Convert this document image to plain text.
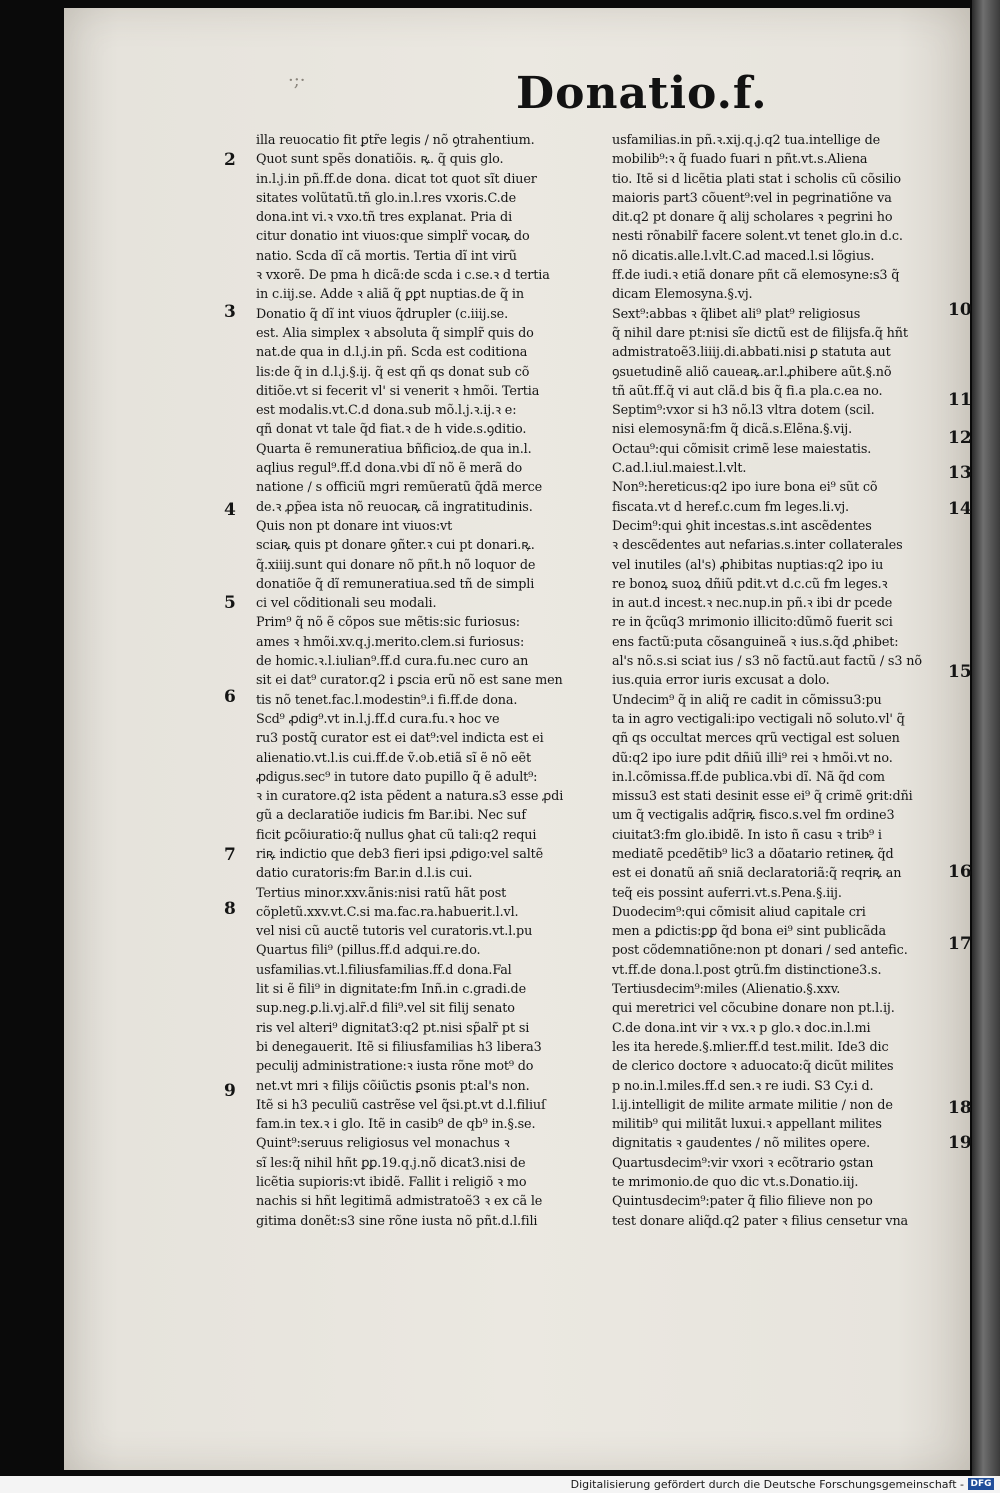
·;·	Donatio.f.
illa reuocatio fit ꝑtr̃e legis / nõ ꝯtrahentium.
Quot sunt spẽs donatiõis. ꝶ. q̃ quis glo.
in.l.j.in pñ.ff.de dona. dicat tot quot sĩt diuer
sitates volũtatũ.tñ glo.in.l.res vxoris.C.de
dona.int vi.ꝛ vxo.tñ tres explanat. Pria di
citur donatio int viuos:que simplr̃ vocaꝶ do
natio. Scda dĩ cã mortis. Tertia dĩ int virũ
ꝛ vxorẽ. De pma h dicã:de scda i c.se.ꝛ d tertia
in c.iij.se. Adde ꝛ aliã q̃ ꝑꝑt nuptias.de q̃ in
Donatio q̃ dĩ int viuos q̃drupler (c.iiij.se.
est. Alia simplex ꝛ absoluta q̃ simplr̃ quis do
nat.de qua in d.l.j.in pñ. Scda est coditiona
lis:de q̃ in d.l.j.§.ij. q̃ est qñ qs donat sub cõ
ditiõe.vt si fecerit vl' si venerit ꝛ hmõi. Tertia
est modalis.vt.C.d dona.sub mõ.l.j.ꝛ.ij.ꝛ e:
qñ donat vt tale q̃d fiat.ꝛ de h vide.s.ꝯditio.
Quarta ẽ remuneratiua bñficioꝝ.de qua in.l.
aqlius regul⁹.ff.d dona.vbi dĩ nõ ẽ merã do
natione / s officiũ mgri remũeratũ q̃dã merce
de.ꝛ ꝓp̃ea ista nõ reuocaꝶ cã ingratitudinis.
Quis non pt donare int viuos:vt
sciaꝶ quis pt donare ꝯñter.ꝛ cui pt donari.ꝶ.
q̃.xiiij.sunt qui donare nõ pñt.h nõ loquor de
donatiõe q̃ dĩ remuneratiua.sed tñ de simpli
ci vel cõditionali seu modali.
Prim⁹ q̃ nõ ẽ cõpos sue mẽtis:sic furiosus:
ames ꝛ hmõi.xv.q.j.merito.clem.si furiosus:
de homic.ꝛ.l.iulian⁹.ff.d cura.fu.nec curo an
sit ei dat⁹ curator.q2 i ꝑscia erũ nõ est sane men
tis nõ tenet.fac.l.modestin⁹.i fi.ff.de dona.
Scd⁹ ꝓdig⁹.vt in.l.j.ff.d cura.fu.ꝛ hoc ve
ru3 postq̃ curator est ei dat⁹:vel indicta est ei
alienatio.vt.l.is cui.ff.de ṽ.ob.etiã sĩ ẽ nõ eẽt
ꝓdigus.sec⁹ in tutore dato pupillo q̃ ẽ adult⁹:
ꝛ in curatore.q2 ista pẽdent a natura.s3 esse ꝓdi
gũ a declaratiõe iudicis fm Bar.ibi. Nec suf
ficit ꝑcõiuratio:q̃ nullus ꝯhat cũ tali:q2 requi
riꝶ indictio que deb3 fieri ipsi ꝓdigo:vel saltẽ
datio curatoris:fm Bar.in d.l.is cui.
Tertius minor.xxv.ãnis:nisi ratũ hãt post
cõpletũ.xxv.vt.C.si ma.fac.ra.habuerit.l.vl.
vel nisi cũ auctẽ tutoris vel curatoris.vt.l.pu
Quartus fili⁹ (pillus.ff.d adqui.re.do.
usfamilias.vt.l.filiusfamilias.ff.d dona.Fal
lit si ẽ fili⁹ in dignitate:fm Inñ.in c.gradi.de
sup.neg.ꝑ.li.vj.alr̃.d fili⁹.vel sit filij senato
ris vel alteri⁹ dignitat3:q2 pt.nisi sp̃alr̃ pt si
bi denegauerit. Itẽ si filiusfamilias h3 libera3
peculij administratione:ꝛ iusta rõne mot⁹ do
net.vt mri ꝛ filijs cõiũctis ꝑsonis pt:al's non.
Itẽ si h3 peculiũ castrẽse vel q̃si.pt.vt d.l.filiuſ
fam.in tex.ꝛ i glo. Itẽ in casib⁹ de qb⁹ in.§.se.
Quint⁹:seruus religiosus vel monachus ꝛ
sĩ les:q̃ nihil hñt ꝑꝑ.19.q.j.nõ dicat3.nisi de
licẽtia supioris:vt ibidẽ. Fallit i religiõ ꝛ mo
nachis si hñt legitimã admistratoẽ3 ꝛ ex cã le
gitima donẽt:s3 sine rõne iusta nõ pñt.d.l.fili
usfamilias.in pñ.ꝛ.xij.q.j.q2 tua.intellige de
mobilib⁹:ꝛ q̃ fuado fuari n pñt.vt.s.Aliena
tio. Itẽ si d licẽtia plati stat i scholis cũ cõsilio
maioris part3 cõuent⁹:vel in pegrinatiõne va
dit.q2 pt donare q̃ alij scholares ꝛ pegrini ho
nesti rõnabilr̃ facere solent.vt tenet glo.in d.c.
nõ dicatis.alle.l.vlt.C.ad maced.l.si lõgius.
ff.de iudi.ꝛ etiã donare pñt cã elemosyne:s3 q̃
dicam Elemosyna.§.vj.
Sext⁹:abbas ꝛ q̃libet ali⁹ plat⁹ religiosus
q̃ nihil dare pt:nisi sĩe dictũ est de filijsfa.q̃ hñt
admistratoẽ3.liiij.di.abbati.nisi ꝑ statuta aut
ꝯsuetudinẽ aliõ caueaꝶ.ar.l.ꝓhibere aũt.§.nõ
tñ aũt.ff.q̃ vi aut clã.d bis q̃ fi.a pla.c.ea no.
Septim⁹:vxor si h3 nõ.l3 vltra dotem (scil.
nisi elemosynã:fm q̃ dicã.s.Elẽna.§.vij.
Octau⁹:qui cõmisit crimẽ lese maiestatis.
C.ad.l.iul.maiest.l.vlt.
Non⁹:hereticus:q2 ipo iure bona ei⁹ sũt cõ
fiscata.vt d heref.c.cum fm leges.li.vj.
Decim⁹:qui ꝯhit incestas.s.int ascẽdentes
ꝛ descẽdentes aut nefarias.s.inter collaterales
vel inutiles (al's) ꝓhibitas nuptias:q2 ipo iu
re bonoꝝ suoꝝ dñiũ pdit.vt d.c.cũ fm leges.ꝛ
in aut.d incest.ꝛ nec.nup.in pñ.ꝛ ibi dr pcede
re in q̃cũq3 mrimonio illicito:dũmõ fuerit sci
ens factũ:puta cõsanguineã ꝛ ius.s.q̃d ꝓhibet:
al's nõ.s.si sciat ius / s3 nõ factũ.aut factũ / s3 nõ
ius.quia error iuris excusat a dolo.
Undecim⁹ q̃ in aliq̃ re cadit in cõmissu3:pu
ta in agro vectigali:ipo vectigali nõ soluto.vl' q̃
qñ qs occultat merces qrũ vectigal est soluen
dũ:q2 ipo iure pdit dñiũ illi⁹ rei ꝛ hmõi.vt no.
in.l.cõmissa.ff.de publica.vbi dĩ. Nã q̃d com
missu3 est stati desinit esse ei⁹ q̃ crimẽ ꝯrit:dñi
um q̃ vectigalis adq̃riꝶ fisco.s.vel fm ordine3
ciuitat3:fm glo.ibidẽ. In isto ñ casu ꝛ trib⁹ i
mediatẽ pcedẽtib⁹ lic3 a dõatario retineꝶ q̃d
est ei donatũ añ sniã declaratoriã:q̃ reqriꝶ an
teq̃ eis possint auferri.vt.s.Pena.§.iij.
Duodecim⁹:qui cõmisit aliud capitale cri
men a ꝑdictis:ꝑꝑ q̃d bona ei⁹ sint publicãda
post cõdemnatiõne:non pt donari / sed antefic.
vt.ff.de dona.l.post ꝯtrũ.fm distinctione3.s.
Tertiusdecim⁹:miles (Alienatio.§.xxv.
qui meretrici vel cõcubine donare non pt.l.ij.
C.de dona.int vir ꝛ vx.ꝛ p glo.ꝛ doc.in.l.mi
les ita herede.§.mlier.ff.d test.milit. Ide3 dic
de clerico doctore ꝛ aduocato:q̃ dicũt milites
p no.in.l.miles.ff.d sen.ꝛ re iudi. S3 Cy.i d.
l.ij.intelligit de milite armate militie / non de
militib⁹ qui militãt luxui.ꝛ appellant milites
dignitatis ꝛ gaudentes / nõ milites opere.
Quartusdecim⁹:vir vxori ꝛ ecõtrario ꝯstan
te mrimonio.de quo dic vt.s.Donatio.iij.
Quintusdecim⁹:pater q̃ filio filieve non po
test donare aliq̃d.q2 pater ꝛ filius censetur vna
2
3
4
5
6
7
8
9
10
11
12
13
14
15
16
17
18
19
Digitalisierung gefördert durch die Deutsche Forschungsgemeinschaft - DFG
